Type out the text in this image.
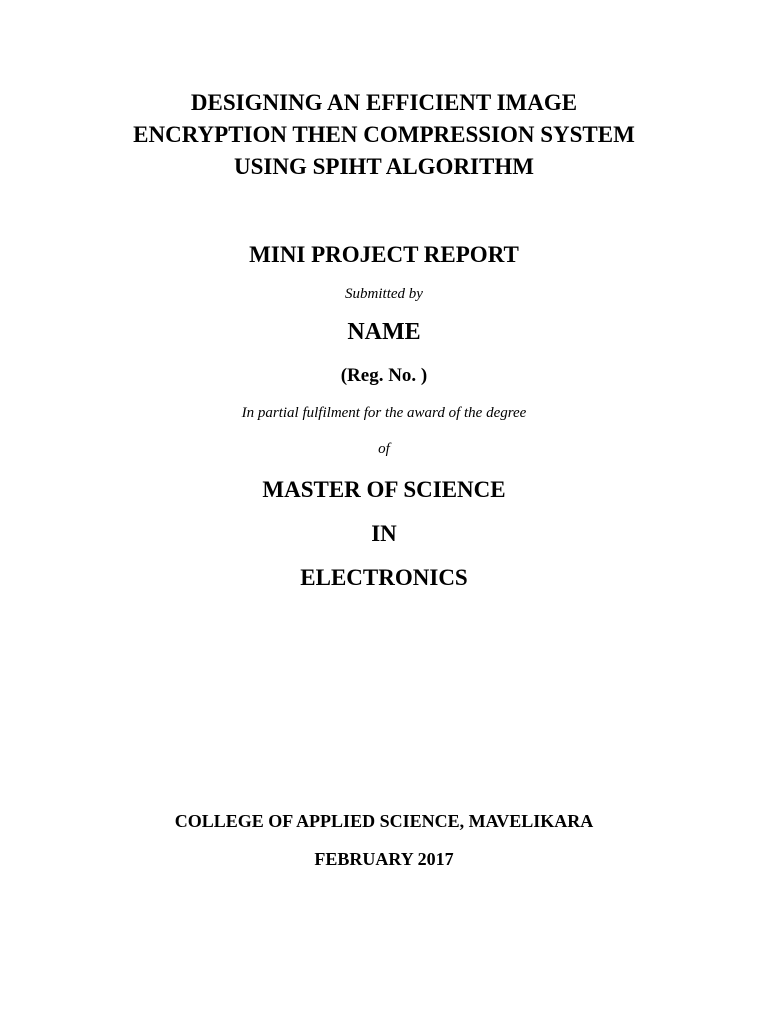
DESIGNING AN EFFICIENT IMAGE
ENCRYPTION THEN COMPRESSION SYSTEM
USING SPIHT ALGORITHM
MINI PROJECT REPORT
Submitted by
NAME
(Reg. No. )
In partial fulfilment for the award of the degree
of
MASTER OF SCIENCE
IN
ELECTRONICS
COLLEGE OF APPLIED SCIENCE, MAVELIKARA
FEBRUARY 2017
